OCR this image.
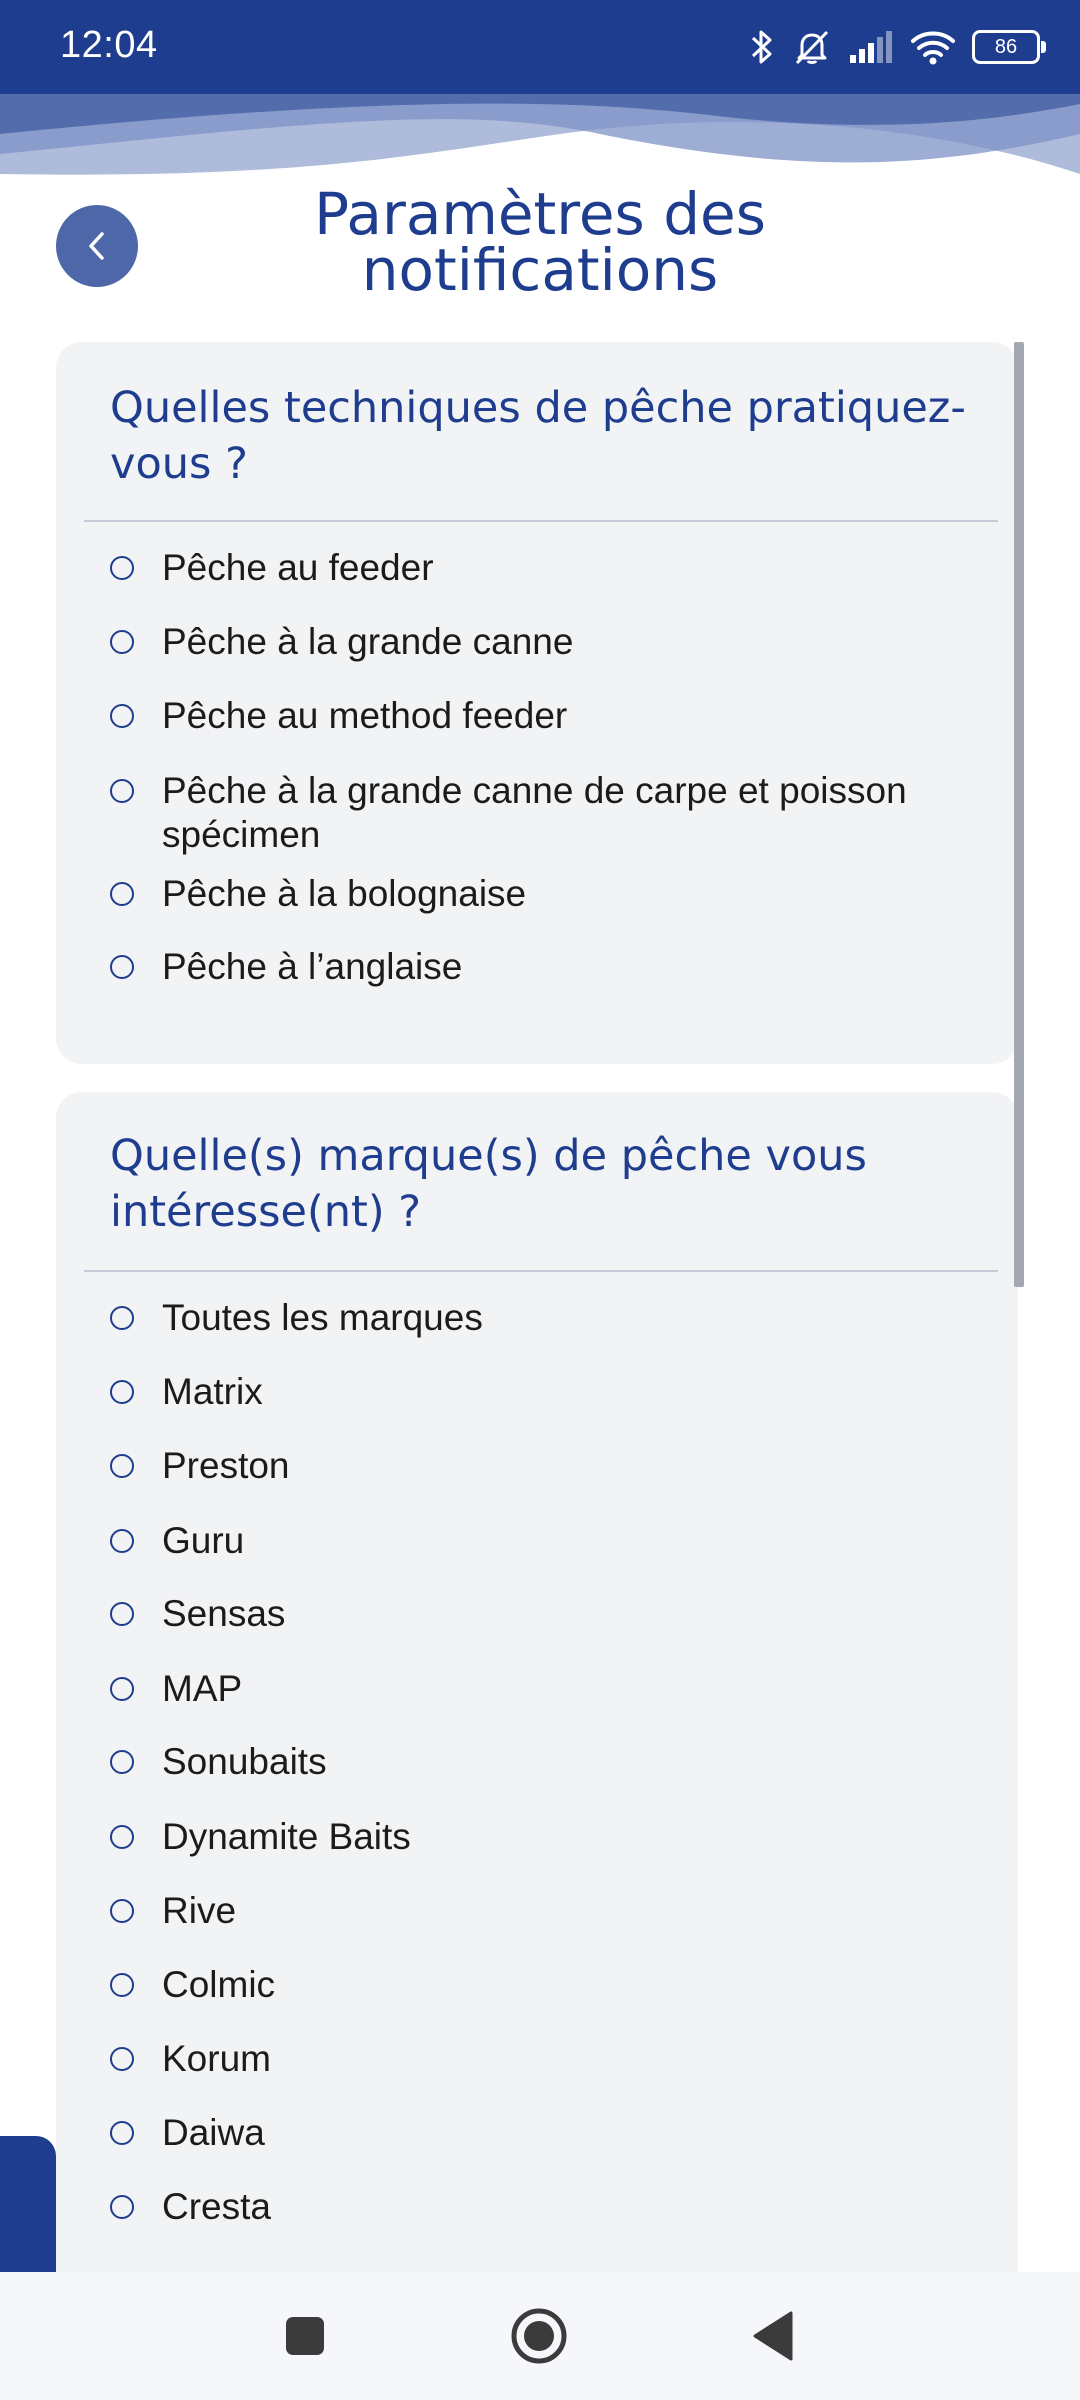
12:04	86
Paramètres des notifications
Quelles techniques de pêche pratiquez-vous ?
Pêche au feeder
Pêche à la grande canne
Pêche au method feeder
Pêche à la grande canne de carpe et poisson spécimen
Pêche à la bolognaise
Pêche à l’anglaise
Quelle(s) marque(s) de pêche vous intéresse(nt) ?
Toutes les marques
Matrix
Preston
Guru
Sensas
MAP
Sonubaits
Dynamite Baits
Rive
Colmic
Korum
Daiwa
Cresta
